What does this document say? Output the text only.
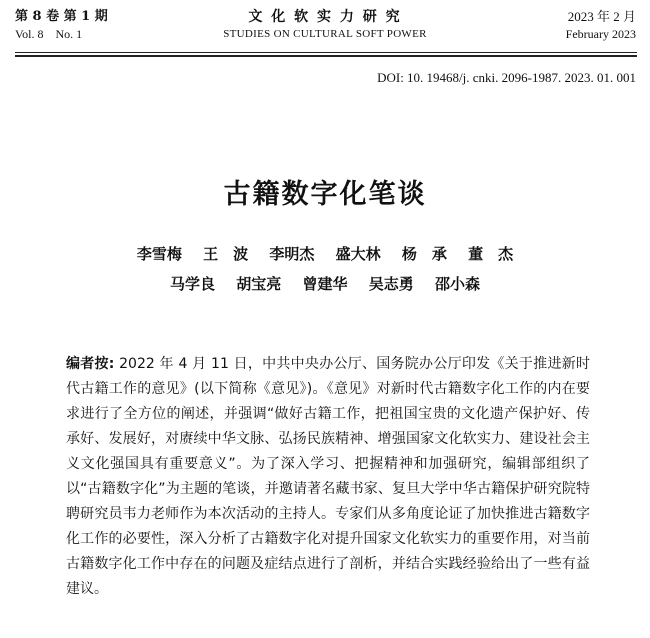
第 8 卷 第 1 期
Vol. 8    No. 1
文 化 软 实 力 研 究
STUDIES ON CULTURAL SOFT POWER
2023 年 2 月
February 2023
DOI: 10. 19468/j. cnki. 2096-1987. 2023. 01. 001
古籍数字化笔谈
李雪梅 王　波 李明杰 盛大林 杨　承 董　杰
马学良 胡宝亮 曾建华 吴志勇 邵小森
编者按: 2022 年 4 月 11 日，中共中央办公厅、国务院办公厅印发《关于推进新时代古籍工作的意见》(以下简称《意见》)。《意见》对新时代古籍数字化工作的内在要求进行了全方位的阐述，并强调“做好古籍工作，把祖国宝贵的文化遗产保护好、传承好、发展好，对赓续中华文脉、弘扬民族精神、增强国家文化软实力、建设社会主义文化强国具有重要意义”。为了深入学习、把握精神和加强研究，编辑部组织了以“古籍数字化”为主题的笔谈，并邀请著名藏书家、复旦大学中华古籍保护研究院特聘研究员韦力老师作为本次活动的主持人。专家们从多角度论证了加快推进古籍数字化工作的必要性，深入分析了古籍数字化对提升国家文化软实力的重要作用，对当前古籍数字化工作中存在的问题及症结点进行了剖析，并结合实践经验给出了一些有益建议。
